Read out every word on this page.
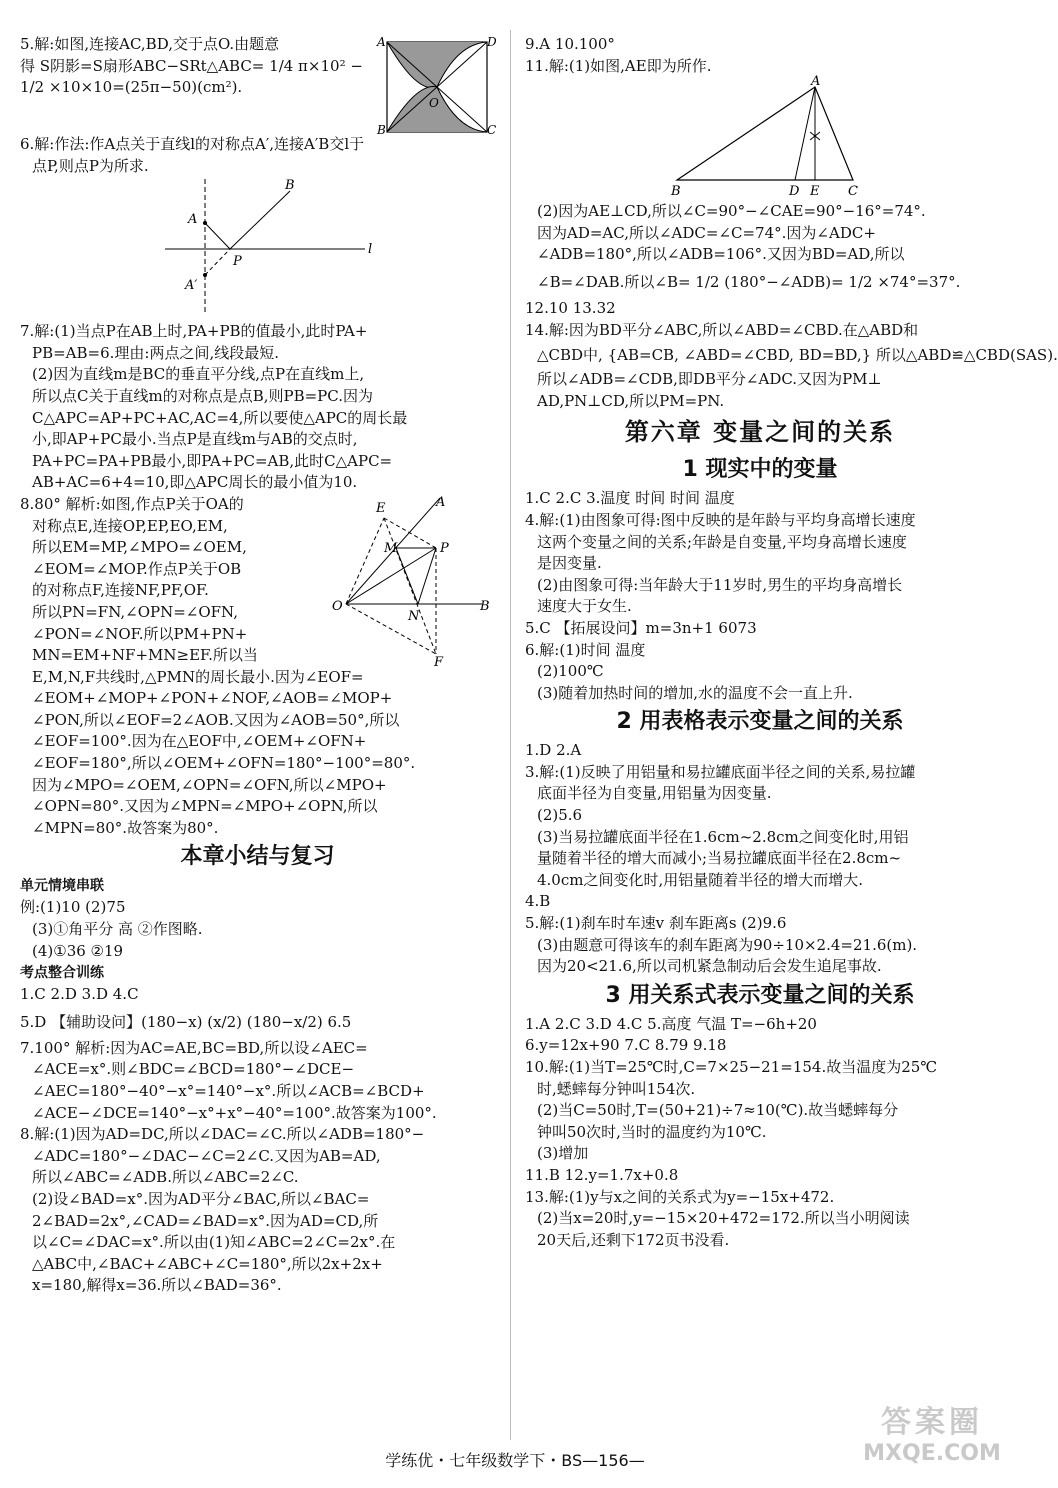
5.解:如图,连接AC,BD,交于点O.由题意
得 S阴影=S扇形ABC−SRt△ABC= 1/4 π×10² −
1/2 ×10×10=(25π−50)(cm²).
A	D
B	C
O
6.解:作法:作A点关于直线l的对称点A′,连接A′B交l于
点P,则点P为所求.
B
A
P
l
A′
7.解:(1)当点P在AB上时,PA+PB的值最小,此时PA+
PB=AB=6.理由:两点之间,线段最短.
(2)因为直线m是BC的垂直平分线,点P在直线m上,
所以点C关于直线m的对称点是点B,则PB=PC.因为
C△APC=AP+PC+AC,AC=4,所以要使△APC的周长最
小,即AP+PC最小.当点P是直线m与AB的交点时,
PA+PC=PA+PB最小,即PA+PC=AB,此时C△APC=
AB+AC=6+4=10,即△APC周长的最小值为10.
8.80° 解析:如图,作点P关于OA的
对称点E,连接OP,EP,EO,EM,
所以EM=MP,∠MPO=∠OEM,
∠EOM=∠MOP.作点P关于OB
的对称点F,连接NF,PF,OF.
所以PN=FN,∠OPN=∠OFN,
∠PON=∠NOF.所以PM+PN+
MN=EM+NF+MN≥EF.所以当
E	A
M	P
O	B
N
F
E,M,N,F共线时,△PMN的周长最小.因为∠EOF=
∠EOM+∠MOP+∠PON+∠NOF,∠AOB=∠MOP+
∠PON,所以∠EOF=2∠AOB.又因为∠AOB=50°,所以
∠EOF=100°.因为在△EOF中,∠OEM+∠OFN+
∠EOF=180°,所以∠OEM+∠OFN=180°−100°=80°.
因为∠MPO=∠OEM,∠OPN=∠OFN,所以∠MPO+
∠OPN=80°.又因为∠MPN=∠MPO+∠OPN,所以
∠MPN=80°.故答案为80°.
本章小结与复习
单元情境串联
例:(1)10 (2)75
(3)①角平分 高 ②作图略.
(4)①36 ②19
考点整合训练
1.C 2.D 3.D 4.C
5.D 【辅助设问】(180−x) (x/2) (180−x/2) 6.5
7.100° 解析:因为AC=AE,BC=BD,所以设∠AEC=
∠ACE=x°.则∠BDC=∠BCD=180°−∠DCE−
∠AEC=180°−40°−x°=140°−x°.所以∠ACB=∠BCD+
∠ACE−∠DCE=140°−x°+x°−40°=100°.故答案为100°.
8.解:(1)因为AD=DC,所以∠DAC=∠C.所以∠ADB=180°−
∠ADC=180°−∠DAC−∠C=2∠C.又因为AB=AD,
所以∠ABC=∠ADB.所以∠ABC=2∠C.
(2)设∠BAD=x°.因为AD平分∠BAC,所以∠BAC=
2∠BAD=2x°,∠CAD=∠BAD=x°.因为AD=CD,所
以∠C=∠DAC=x°.所以由(1)知∠ABC=2∠C=2x°.在
△ABC中,∠BAC+∠ABC+∠C=180°,所以2x+2x+
x=180,解得x=36.所以∠BAD=36°.
9.A 10.100°
11.解:(1)如图,AE即为所作.
A
B	D E C
(2)因为AE⊥CD,所以∠C=90°−∠CAE=90°−16°=74°.
因为AD=AC,所以∠ADC=∠C=74°.因为∠ADC+
∠ADB=180°,所以∠ADB=106°.又因为BD=AD,所以
∠B=∠DAB.所以∠B= 1/2 (180°−∠ADB)= 1/2 ×74°=37°.
12.10 13.32
14.解:因为BD平分∠ABC,所以∠ABD=∠CBD.在△ABD和
△CBD中, {AB=CB, ∠ABD=∠CBD, BD=BD,} 所以△ABD≌△CBD(SAS).
所以∠ADB=∠CDB,即DB平分∠ADC.又因为PM⊥
AD,PN⊥CD,所以PM=PN.
第六章 变量之间的关系
1 现实中的变量
1.C 2.C 3.温度 时间 时间 温度
4.解:(1)由图象可得:图中反映的是年龄与平均身高增长速度
这两个变量之间的关系;年龄是自变量,平均身高增长速度
是因变量.
(2)由图象可得:当年龄大于11岁时,男生的平均身高增长
速度大于女生.
5.C 【拓展设问】m=3n+1 6073
6.解:(1)时间 温度
(2)100℃
(3)随着加热时间的增加,水的温度不会一直上升.
2 用表格表示变量之间的关系
1.D 2.A
3.解:(1)反映了用铝量和易拉罐底面半径之间的关系,易拉罐
底面半径为自变量,用铝量为因变量.
(2)5.6
(3)当易拉罐底面半径在1.6cm~2.8cm之间变化时,用铝
量随着半径的增大而减小;当易拉罐底面半径在2.8cm~
4.0cm之间变化时,用铝量随着半径的增大而增大.
4.B
5.解:(1)刹车时车速v 刹车距离s (2)9.6
(3)由题意可得该车的刹车距离为90÷10×2.4=21.6(m).
因为20<21.6,所以司机紧急制动后会发生追尾事故.
3 用关系式表示变量之间的关系
1.A 2.C 3.D 4.C 5.高度 气温 T=−6h+20
6.y=12x+90 7.C 8.79 9.18
10.解:(1)当T=25℃时,C=7×25−21=154.故当温度为25℃
时,蟋蟀每分钟叫154次.
(2)当C=50时,T=(50+21)÷7≈10(℃).故当蟋蟀每分
钟叫50次时,当时的温度约为10℃.
(3)增加
11.B 12.y=1.7x+0.8
13.解:(1)y与x之间的关系式为y=−15x+472.
(2)当x=20时,y=−15×20+472=172.所以当小明阅读
20天后,还剩下172页书没看.
学练优・七年级数学下・BS—156—
答案圈
MXQE.COM
